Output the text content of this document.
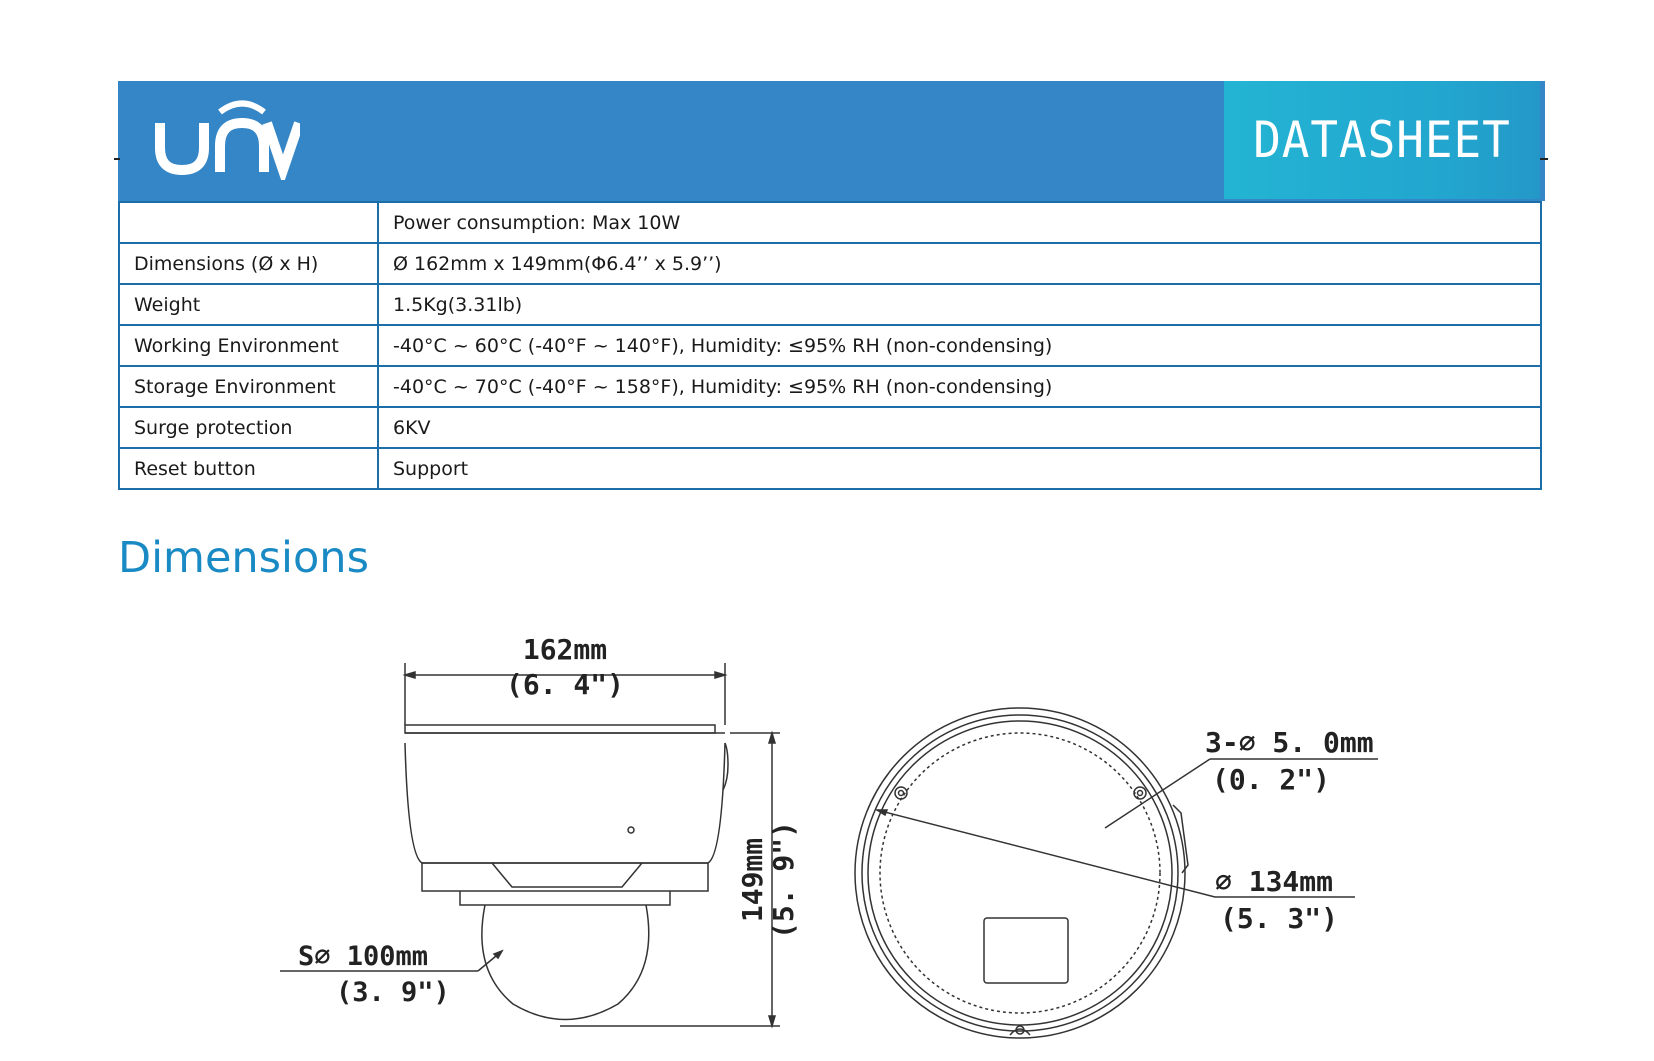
DATASHEET
	Power consumption: Max 10W
Dimensions (Ø x H)	Ø 162mm x 149mm(Φ6.4’’ x 5.9’’)
Weight	1.5Kg(3.31lb)
Working Environment	-40°C ~ 60°C (-40°F ~ 140°F), Humidity: ≤95% RH (non-condensing)
Storage Environment	-40°C ~ 70°C (-40°F ~ 158°F), Humidity: ≤95% RH (non-condensing)
Surge protection	6KV
Reset button	Support
Dimensions
162mm
(6. 4")
149mm
(5. 9")
S∅ 100mm
(3. 9")
3-∅ 5. 0mm
(0. 2")
∅ 134mm
(5. 3")
